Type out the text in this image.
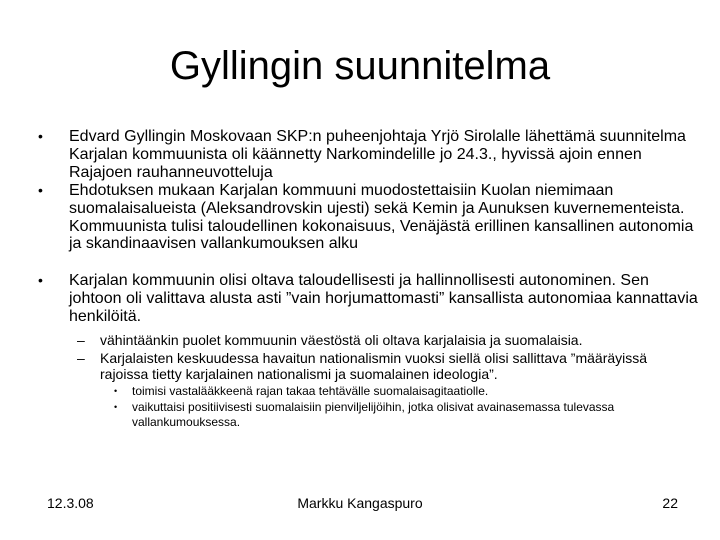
Gyllingin suunnitelma
• Edvard Gyllingin Moskovaan SKP:n puheenjohtaja Yrjö Sirolalle lähettämä suunnitelma Karjalan kommuunista oli käännetty Narkomindelille jo 24.3., hyvissä ajoin ennen Rajajoen rauhanneuvotteluja
• Ehdotuksen mukaan Karjalan kommuuni muodostettaisiin Kuolan niemimaan suomalaisalueista (Aleksandrovskin ujesti) sekä Kemin ja Aunuksen kuvernementeista. Kommuunista tulisi taloudellinen kokonaisuus, Venäjästä erillinen kansallinen autonomia ja skandinaavisen vallankumouksen alku
• Karjalan kommuunin olisi oltava taloudellisesti ja hallinnollisesti autonominen. Sen johtoon oli valittava alusta asti ”vain horjumattomasti” kansallista autonomiaa kannattavia henkilöitä.
– vähintäänkin puolet kommuunin väestöstä oli oltava karjalaisia ja suomalaisia.
– Karjalaisten keskuudessa havaitun nationalismin vuoksi siellä olisi sallittava ”määräyissä rajoissa tietty karjalainen nationalismi ja suomalainen ideologia”.
• toimisi vastalääkkeenä rajan takaa tehtävälle suomalaisagitaatiolle.
• vaikuttaisi positiivisesti suomalaisiin pienviljelijöihin, jotka olisivat avainasemassa tulevassa vallankumouksessa.
12.3.08	Markku Kangaspuro	22
